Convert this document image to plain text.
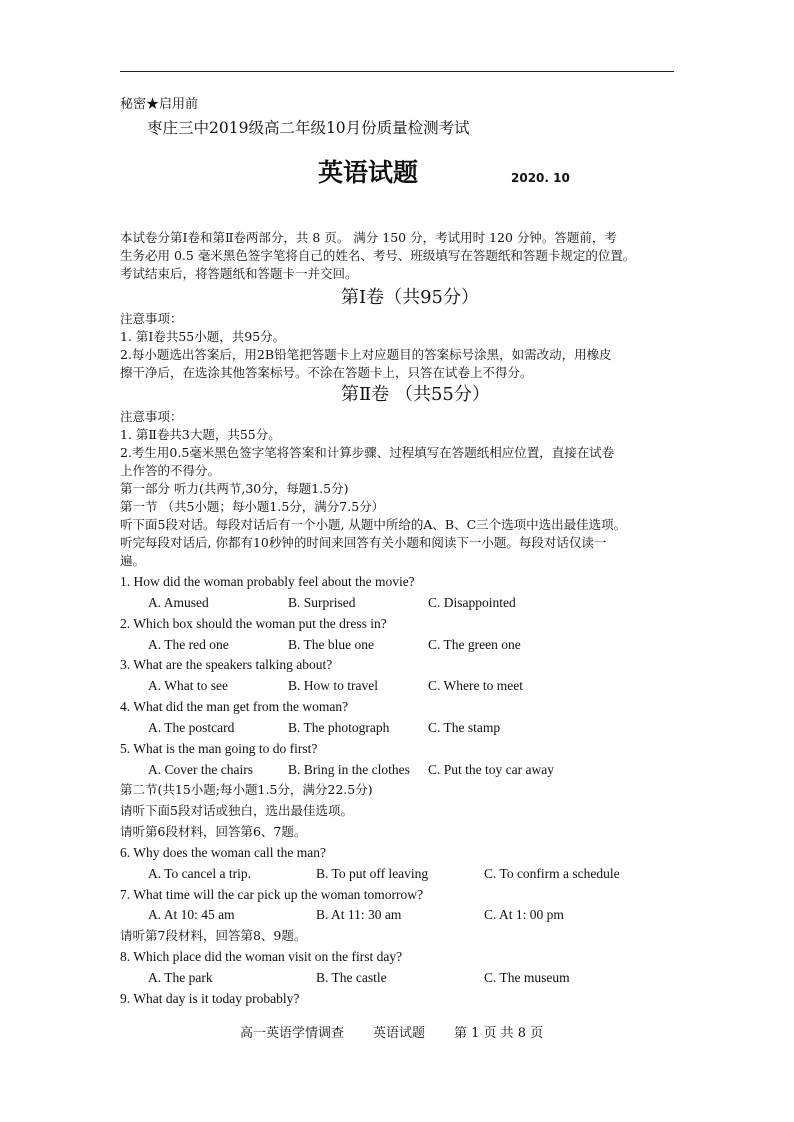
秘密★启用前
枣庄三中2019级高二年级10月份质量检测考试
英语试题	2020. 10
本试卷分第Ⅰ卷和第Ⅱ卷两部分，共 8 页。 满分 150 分，考试用时 120 分钟。答题前，考
生务必用 0.5 毫米黑色签字笔将自己的姓名、考号、班级填写在答题纸和答题卡规定的位置。
考试结束后，将答题纸和答题卡一并交回。
第Ⅰ卷（共95分）
注意事项：
1. 第Ⅰ卷共55小题，共95分。
2.每小题选出答案后，用2B铅笔把答题卡上对应题目的答案标号涂黑，如需改动，用橡皮
擦干净后，在选涂其他答案标号。不涂在答题卡上，只答在试卷上不得分。
第Ⅱ卷 （共55分）
注意事项：
1. 第Ⅱ卷共3大题，共55分。
2.考生用0.5毫米黑色签字笔将答案和计算步骤、过程填写在答题纸相应位置，直接在试卷
上作答的不得分。
第一部分 听力(共两节,30分，每题1.5分)
第一节 （共5小题；每小题1.5分，满分7.5分）
听下面5段对话。每段对话后有一个小题, 从题中所给的A、B、C三个选项中选出最佳选项。
听完每段对话后, 你都有10秒钟的时间来回答有关小题和阅读下一小题。每段对话仅读一
遍。
1. How did the woman probably feel about the movie?
A. Amused	B. Surprised	C. Disappointed
2. Which box should the woman put the dress in?
A. The red one	B. The blue one	C. The green one
3. What are the speakers talking about?
A. What to see	B. How to travel	C. Where to meet
4. What did the man get from the woman?
A. The postcard	B. The photograph	C. The stamp
5. What is the man going to do first?
A. Cover the chairs	B. Bring in the clothes C. Put the toy car away
第二节(共15小题;每小题1.5分，满分22.5分)
请听下面5段对话或独白，选出最佳选项。
请听第6段材料，回答第6、7题。
6. Why does the woman call the man?
A. To cancel a trip.	B. To put off leaving	C. To confirm a schedule
7. What time will the car pick up the woman tomorrow?
A. At 10: 45 am	B. At 11: 30 am	C. At 1: 00 pm
请听第7段材料，回答第8、9题。
8. Which place did the woman visit on the first day?
A. The park	B. The castle	C. The museum
9. What day is it today probably?
高一英语学情调查 英语试题 第 1 页 共 8 页
